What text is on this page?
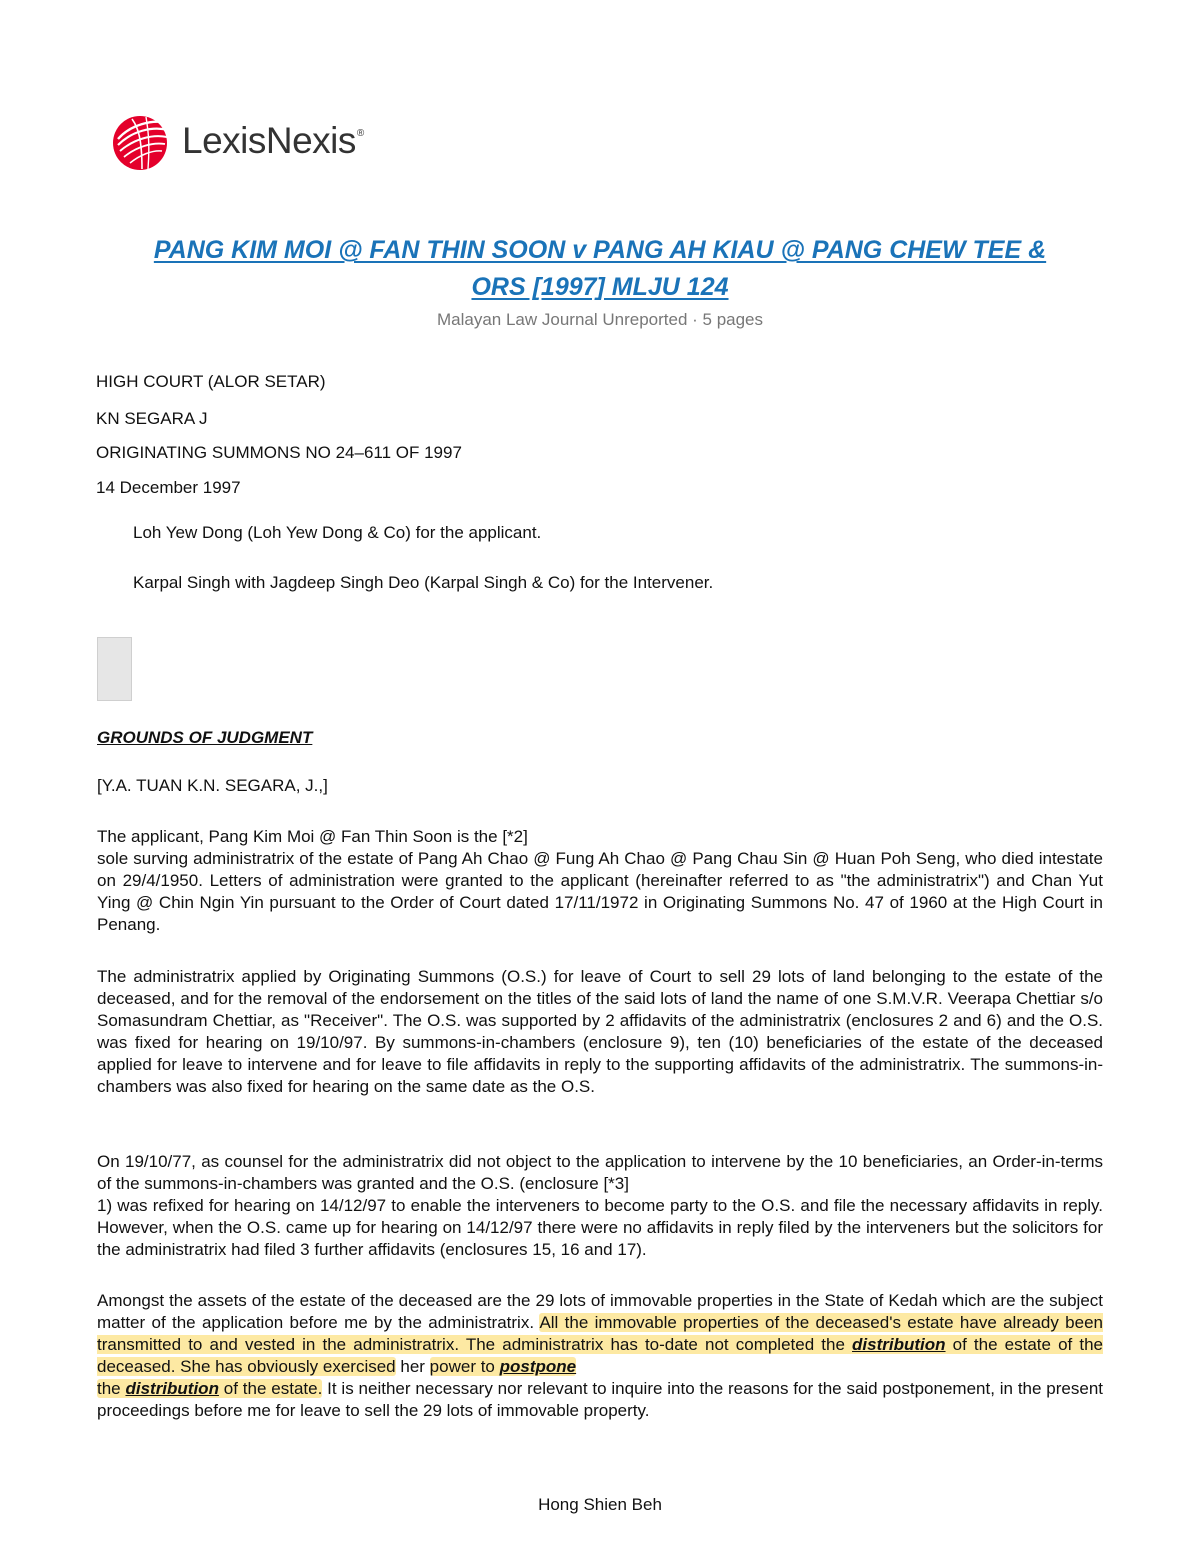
LexisNexis®
PANG KIM MOI @ FAN THIN SOON v PANG AH KIAU @ PANG CHEW TEE &
ORS [1997] MLJU 124
Malayan Law Journal Unreported · 5 pages
HIGH COURT (ALOR SETAR)
KN SEGARA J
ORIGINATING SUMMONS NO 24–611 OF 1997
14 December 1997
Loh Yew Dong (Loh Yew Dong & Co) for the applicant.
Karpal Singh with Jagdeep Singh Deo (Karpal Singh & Co) for the Intervener.
GROUNDS OF JUDGMENT
[Y.A. TUAN K.N. SEGARA, J.,]
The applicant, Pang Kim Moi @ Fan Thin Soon is the [*2]
sole surving administratrix of the estate of Pang Ah Chao @ Fung Ah Chao @ Pang Chau Sin @ Huan Poh Seng, who died intestate on 29/4/1950. Letters of administration were granted to the applicant (hereinafter referred to as "the administratrix") and Chan Yut Ying @ Chin Ngin Yin pursuant to the Order of Court dated 17/11/1972 in Originating Summons No. 47 of 1960 at the High Court in Penang.
The administratrix applied by Originating Summons (O.S.) for leave of Court to sell 29 lots of land belonging to the estate of the deceased, and for the removal of the endorsement on the titles of the said lots of land the name of one S.M.V.R. Veerapa Chettiar s/o Somasundram Chettiar, as "Receiver". The O.S. was supported by 2 affidavits of the administratrix (enclosures 2 and 6) and the O.S. was fixed for hearing on 19/10/97. By summons-in-chambers (enclosure 9), ten (10) beneficiaries of the estate of the deceased applied for leave to intervene and for leave to file affidavits in reply to the supporting affidavits of the administratrix. The summons-in-chambers was also fixed for hearing on the same date as the O.S.
On 19/10/77, as counsel for the administratrix did not object to the application to intervene by the 10 beneficiaries, an Order-in-terms of the summons-in-chambers was granted and the O.S. (enclosure [*3]
1) was refixed for hearing on 14/12/97 to enable the interveners to become party to the O.S. and file the necessary affidavits in reply. However, when the O.S. came up for hearing on 14/12/97 there were no affidavits in reply filed by the interveners but the solicitors for the administratrix had filed 3 further affidavits (enclosures 15, 16 and 17).
Amongst the assets of the estate of the deceased are the 29 lots of immovable properties in the State of Kedah which are the subject matter of the application before me by the administratrix. All the immovable properties of the deceased's estate have already been transmitted to and vested in the administratrix. The administratrix has to-date not completed the distribution of the estate of the deceased. She has obviously exercised her power to postpone
the distribution of the estate. It is neither necessary nor relevant to inquire into the reasons for the said postponement, in the present proceedings before me for leave to sell the 29 lots of immovable property.
Hong Shien Beh
